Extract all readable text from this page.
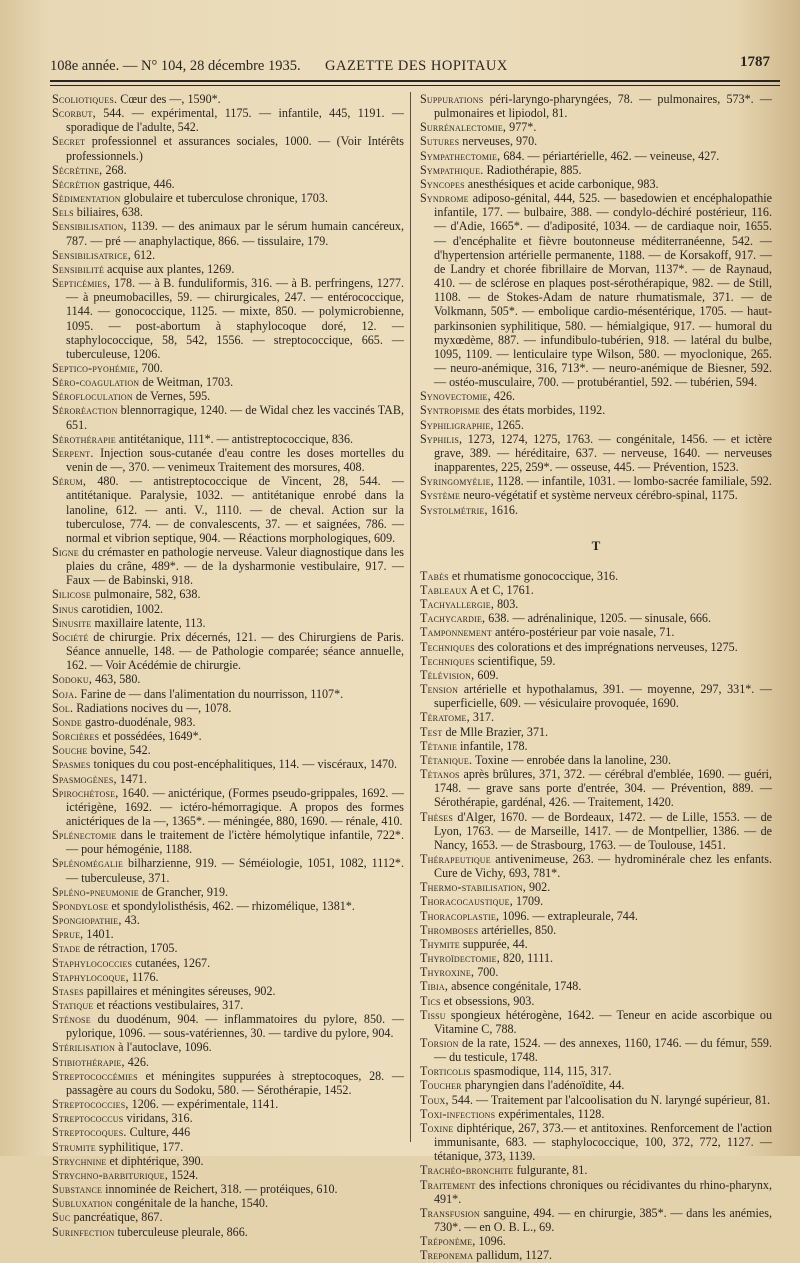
108e année. — N° 104, 28 décembre 1935. GAZETTE DES HOPITAUX	1787

Scoliotiques. Cœur des —, 1590*.

Scorbut, 544. — expérimental, 1175. — infantile, 445, 1191. — sporadique de l'adulte, 542.

Secret professionnel et assurances sociales, 1000. — (Voir Intérêts professionnels.)

Sécrétine, 268.

Sécrétion gastrique, 446.

Sédimentation globulaire et tuberculose chronique, 1703.

Sels biliaires, 638.

Sensibilisation, 1139. — des animaux par le sérum humain cancéreux, 787. — pré — anaphylactique, 866. — tissulaire, 179.

Sensibilisatrice, 612.

Sensibilité acquise aux plantes, 1269.

Septicémies, 178. — à B. funduliformis, 316. — à B. perfringens, 1277. — à pneumobacilles, 59. — chirurgicales, 247. — entérococcique, 1144. — gonococcique, 1125. — mixte, 850. — polymicrobienne, 1095. — post-abortum à staphylocoque doré, 12. — staphylococcique, 58, 542, 1556. — streptococcique, 665. — tuberculeuse, 1206.

Septico-pyohémie, 700.

Séro-coagulation de Weitman, 1703.

Sérofloculation de Vernes, 595.

Séroréaction blennorragique, 1240. — de Widal chez les vaccinés TAB, 651.

Sérothérapie antitétanique, 111*. — antistreptococcique, 836.

Serpent. Injection sous-cutanée d'eau contre les doses mortelles du venin de —, 370. — venimeux Traitement des morsures, 408.

Sérum, 480. — antistreptococcique de Vincent, 28, 544. — antitétanique. Paralysie, 1032. — antitétanique enrobé dans la lanoline, 612. — anti. V., 1110. — de cheval. Action sur la tuberculose, 774. — de convalescents, 37. — et saignées, 786. — normal et vibrion septique, 904. — Réactions morphologiques, 609.

Signe du crémaster en pathologie nerveuse. Valeur diagnostique dans les plaies du crâne, 489*. — de la dysharmonie vestibulaire, 917. — Faux — de Babinski, 918.

Silicose pulmonaire, 582, 638.

Sinus carotidien, 1002.

Sinusite maxillaire latente, 113.

Société de chirurgie. Prix décernés, 121. — des Chirurgiens de Paris. Séance annuelle, 148. — de Pathologie comparée; séance annuelle, 162. — Voir Acédémie de chirurgie.

Sodoku, 463, 580.

Soja. Farine de — dans l'alimentation du nourrisson, 1107*.

Sol. Radiations nocives du —, 1078.

Sonde gastro-duodénale, 983.

Sorcières et possédées, 1649*.

Souche bovine, 542.

Spasmes toniques du cou post-encéphalitiques, 114. — viscéraux, 1470.

Spasmogènes, 1471.

Spirochétose, 1640. — anictérique, (Formes pseudo-grippales, 1692. — ictérigène, 1692. — ictéro-hémorragique. A propos des formes anictériques de la —, 1365*. — méningée, 880, 1690. — rénale, 410.

Splénectomie dans le traitement de l'ictère hémolytique infantile, 722*. — pour hémogénie, 1188.

Splénomégalie bilharzienne, 919. — Séméiologie, 1051, 1082, 1112*. — tuberculeuse, 371.

Spléno-pneumonie de Grancher, 919.

Spondylose et spondylolisthésis, 462. — rhizomélique, 1381*.

Spongiopathie, 43.

Sprue, 1401.

Stade de rétraction, 1705.

Staphylococcies cutanées, 1267.

Staphylocoque, 1176.

Stases papillaires et méningites séreuses, 902.

Statique et réactions vestibulaires, 317.

Sténose du duodénum, 904. — inflammatoires du pylore, 850. — pylorique, 1096. — sous-vatériennes, 30. — tardive du pylore, 904.

Stérilisation à l'autoclave, 1096.

Stibiothérapie, 426.

Streptococcémies et méningites suppurées à streptocoques, 28. — passagère au cours du Sodoku, 580. — Sérothérapie, 1452.

Streptococcies, 1206. — expérimentale, 1141.

Streptococcus viridans, 316.

Streptocoques. Culture, 446

Strumite syphilitique, 177.

Strychnine et diphtérique, 390.

Strychno-barbiturique, 1524.

Substance innominée de Reichert, 318. — protéiques, 610.

Subluxation congénitale de la hanche, 1540.

Suc pancréatique, 867.

Surinfection tuberculeuse pleurale, 866.

Suppurations péri-laryngo-pharyngées, 78. — pulmonaires, 573*. — pulmonaires et lipiodol, 81.

Surrénalectomie, 977*.

Sutures nerveuses, 970.

Sympathectomie, 684. — périartérielle, 462. — veineuse, 427.

Sympathique. Radiothérapie, 885.

Syncopes anesthésiques et acide carbonique, 983.

Syndrome adiposo-génital, 444, 525. — basedowien et encéphalopathie infantile, 177. — bulbaire, 388. — condylo-déchiré postérieur, 116. — d'Adie, 1665*. — d'adiposité, 1034. — de cardiaque noir, 1655. — d'encéphalite et fièvre boutonneuse méditerranéenne, 542. — d'hypertension artérielle permanente, 1188. — de Korsakoff, 917. — de Landry et chorée fibrillaire de Morvan, 1137*. — de Raynaud, 410. — de sclérose en plaques post-sérothérapique, 982. — de Still, 1108. — de Stokes-Adam de nature rhumatismale, 371. — de Volkmann, 505*. — embolique cardio-mésentérique, 1705. — haut-parkinsonien syphilitique, 580. — hémialgique, 917. — humoral du myxœdème, 887. — infundibulo-tubérien, 918. — latéral du bulbe, 1095, 1109. — lenticulaire type Wilson, 580. — myoclonique, 265. — neuro-anémique, 316, 713*. — neuro-anémique de Biesner, 592. — ostéo-musculaire, 700. — protubérantiel, 592. — tubérien, 594.

Synovectomie, 426.

Syntropisme des états morbides, 1192.

Syphiligraphie, 1265.

Syphilis, 1273, 1274, 1275, 1763. — congénitale, 1456. — et ictère grave, 389. — héréditaire, 637. — nerveuse, 1640. — nerveuses inapparentes, 225, 259*. — osseuse, 445. — Prévention, 1523.

Syringomyélie, 1128. — infantile, 1031. — lombo-sacrée familiale, 592.

Système neuro-végétatif et système nerveux cérébro-spinal, 1175.

Systolmétrie, 1616.

T

Tabès et rhumatisme gonococcique, 316.

Tableaux A et C, 1761.

Tachyallergie, 803.

Tachycardie, 638. — adrénalinique, 1205. — sinusale, 666.

Tamponnement antéro-postérieur par voie nasale, 71.

Techniques des colorations et des imprégnations nerveuses, 1275.

Techniques scientifique, 59.

Télévision, 609.

Tension artérielle et hypothalamus, 391. — moyenne, 297, 331*. — superficielle, 609. — vésiculaire provoquée, 1690.

Tératome, 317.

Test de Mlle Brazier, 371.

Tétanie infantile, 178.

Tétanique. Toxine — enrobée dans la lanoline, 230.

Tétanos après brûlures, 371, 372. — cérébral d'emblée, 1690. — guéri, 1748. — grave sans porte d'entrée, 304. — Prévention, 889. — Sérothérapie, gardénal, 426. — Traitement, 1420.

Thèses d'Alger, 1670. — de Bordeaux, 1472. — de Lille, 1553. — de Lyon, 1763. — de Marseille, 1417. — de Montpellier, 1386. — de Nancy, 1653. — de Strasbourg, 1763. — de Toulouse, 1451.

Thérapeutique antivenimeuse, 263. — hydrominérale chez les enfants. Cure de Vichy, 693, 781*.

Thermo-stabilisation, 902.

Thoracocaustique, 1709.

Thoracoplastie, 1096. — extrapleurale, 744.

Thromboses artérielles, 850.

Thymite suppurée, 44.

Thyroïdectomie, 820, 1111.

Thyroxine, 700.

Tibia, absence congénitale, 1748.

Tics et obsessions, 903.

Tissu spongieux hétérogène, 1642. — Teneur en acide ascorbique ou Vitamine C, 788.

Torsion de la rate, 1524. — des annexes, 1160, 1746. — du fémur, 559. — du testicule, 1748.

Torticolis spasmodique, 114, 115, 317.

Toucher pharyngien dans l'adénoïdite, 44.

Toux, 544. — Traitement par l'alcoolisation du N. laryngé supérieur, 81.

Toxi-infections expérimentales, 1128.

Toxine diphtérique, 267, 373.— et antitoxines. Renforcement de l'action immunisante, 683. — staphylococcique, 100, 372, 772, 1127. — tétanique, 373, 1139.

Trachéo-bronchite fulgurante, 81.

Traitement des infections chroniques ou récidivantes du rhino-pharynx, 491*.

Transfusion sanguine, 494. — en chirurgie, 385*. — dans les anémies, 730*. — en O. B. L., 69.

Tréponème, 1096.

Treponema pallidum, 1127.
